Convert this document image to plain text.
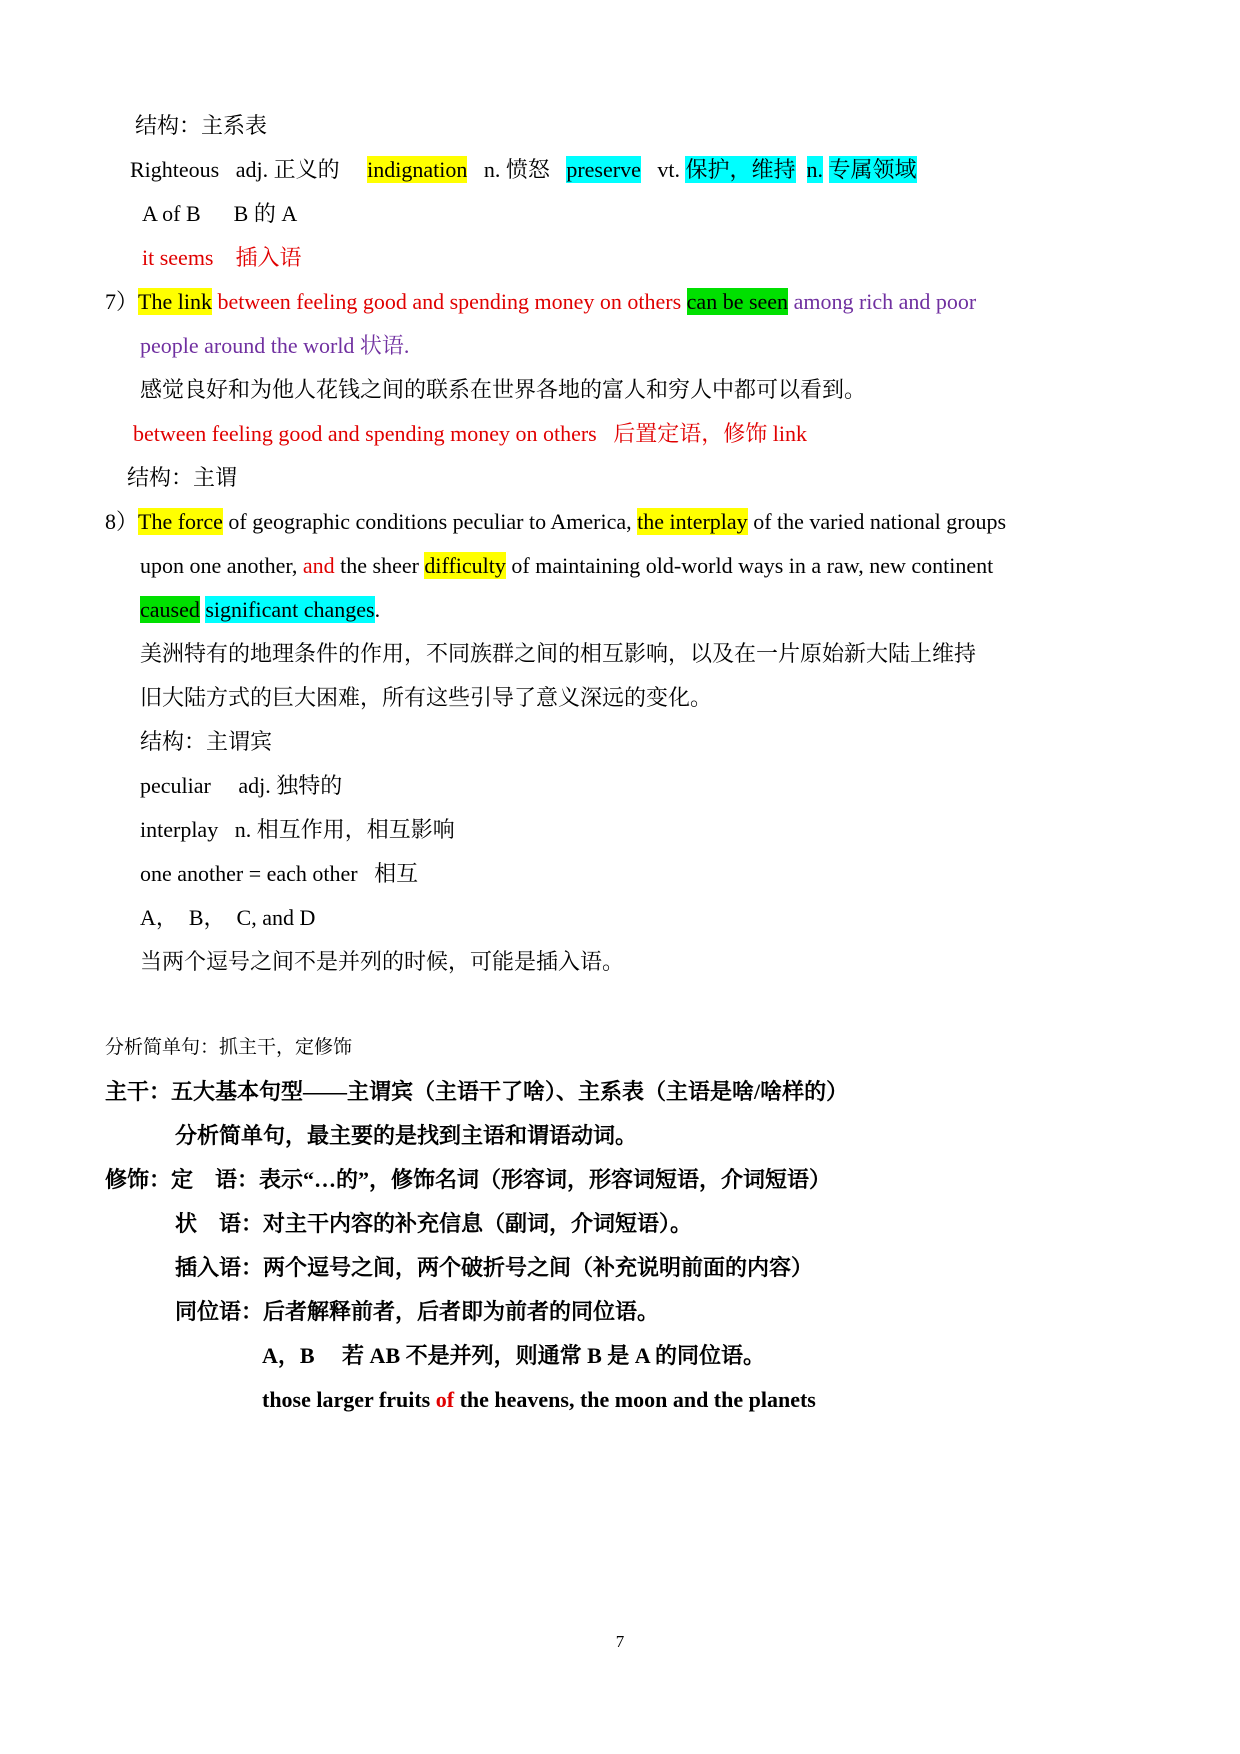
结构：主系表

Righteous   adj. 正义的     indignation   n. 愤怒   preserve   vt. 保护，维持 n. 专属领域

A of B      B 的 A

it seems    插入语

7）The link between feeling good and spending money on others can be seen among rich and poor

people around the world 状语.

感觉良好和为他人花钱之间的联系在世界各地的富人和穷人中都可以看到。

between feeling good and spending money on others   后置定语，修饰 link

结构：主谓

8）The force of geographic conditions peculiar to America, the interplay of the varied national groups

upon one another, and the sheer difficulty of maintaining old-world ways in a raw, new continent

caused significant changes.

美洲特有的地理条件的作用，不同族群之间的相互影响，以及在一片原始新大陆上维持

旧大陆方式的巨大困难，所有这些引导了意义深远的变化。

结构：主谓宾

peculiar     adj. 独特的

interplay   n. 相互作用，相互影响

one another = each other   相互

A，  B，  C, and D

当两个逗号之间不是并列的时候，可能是插入语。

分析简单句：抓主干，定修饰

主干：五大基本句型——主谓宾（主语干了啥）、主系表（主语是啥/啥样的）

分析简单句，最主要的是找到主语和谓语动词。

修饰：定　语：表示“…的”，修饰名词（形容词，形容词短语，介词短语）

状　语：对主干内容的补充信息（副词，介词短语）。

插入语：两个逗号之间，两个破折号之间（补充说明前面的内容）

同位语：后者解释前者，后者即为前者的同位语。

A，B　 若 AB 不是并列，则通常 B 是 A 的同位语。

those larger fruits of the heavens, the moon and the planets

7
